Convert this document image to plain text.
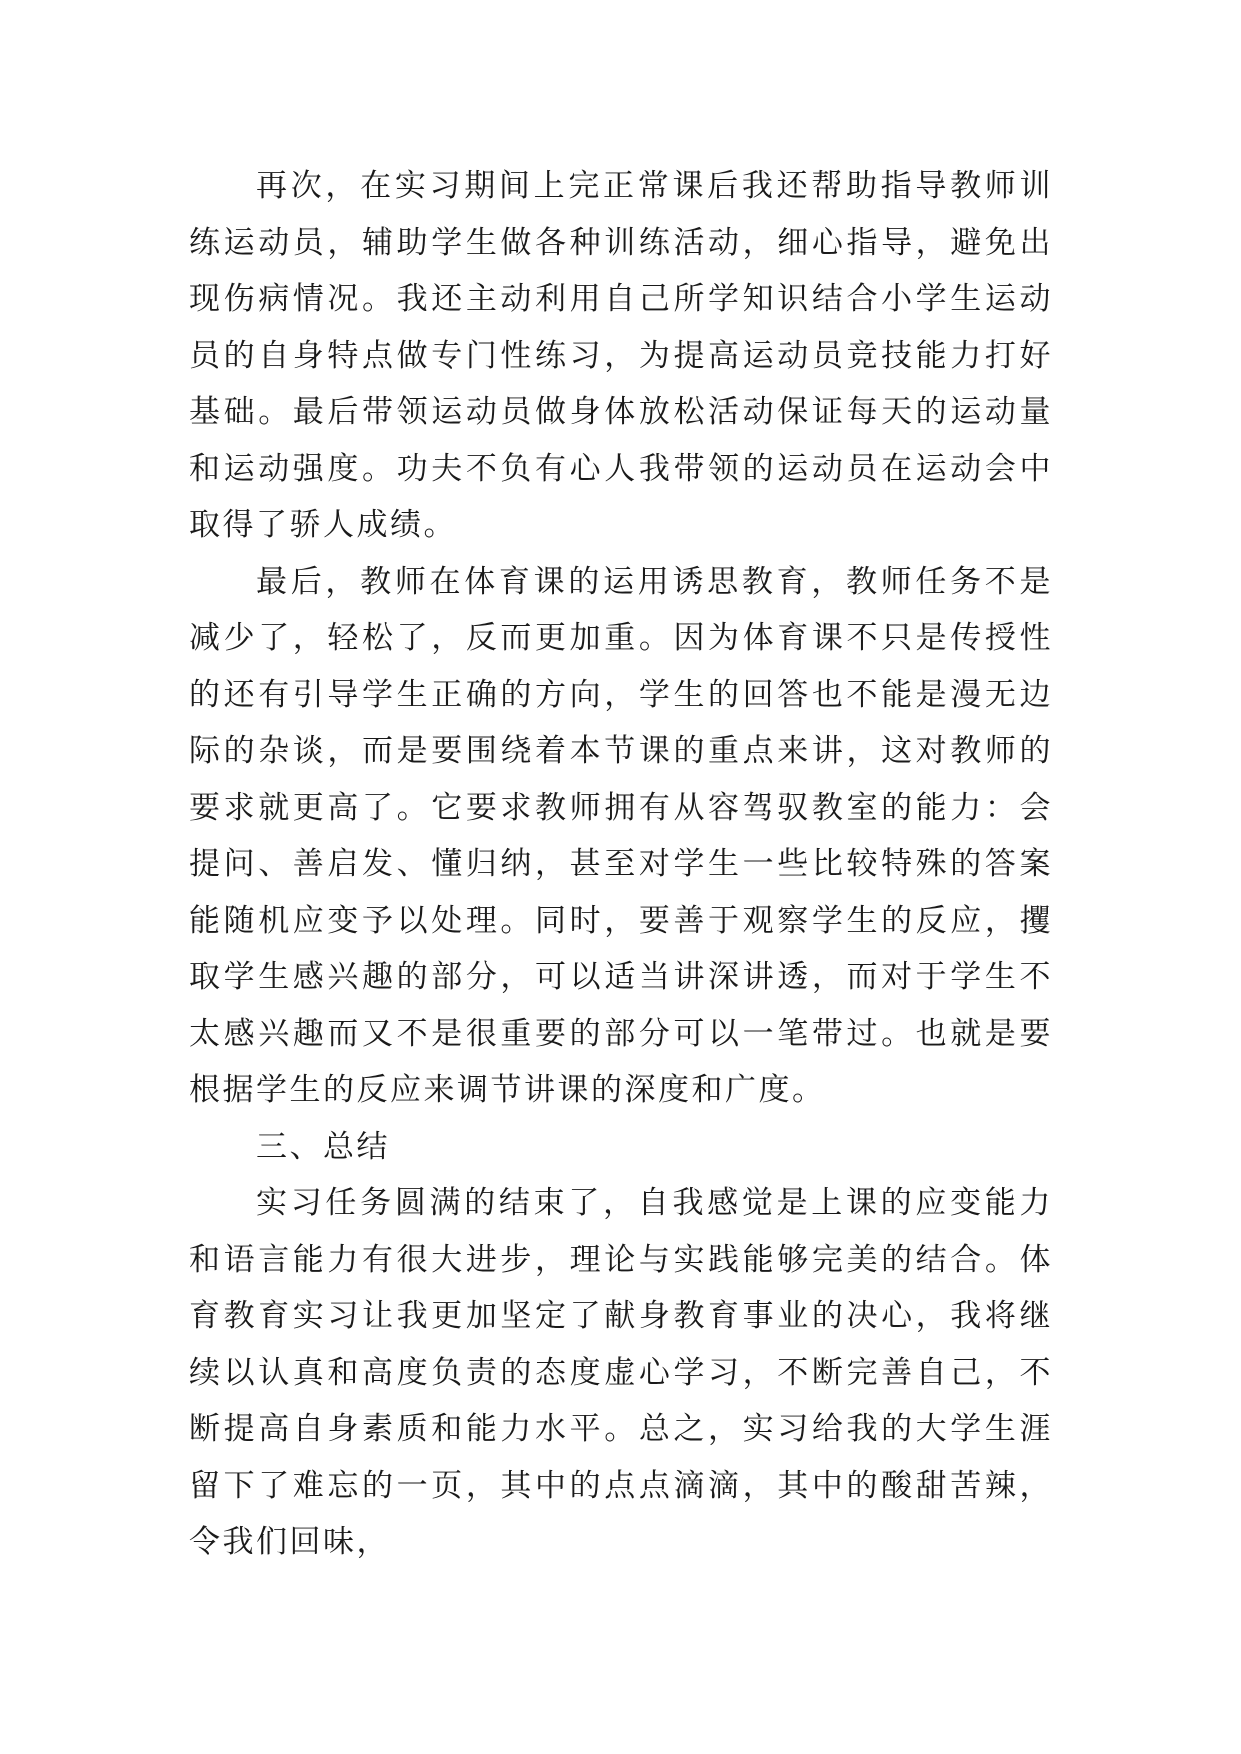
再次，在实习期间上完正常课后我还帮助指导教师训练运动员，辅助学生做各种训练活动，细心指导，避免出现伤病情况。我还主动利用自己所学知识结合小学生运动员的自身特点做专门性练习，为提高运动员竞技能力打好基础。最后带领运动员做身体放松活动保证每天的运动量和运动强度。功夫不负有心人我带领的运动员在运动会中取得了骄人成绩。

最后，教师在体育课的运用诱思教育，教师任务不是减少了，轻松了，反而更加重。因为体育课不只是传授性的还有引导学生正确的方向，学生的回答也不能是漫无边际的杂谈，而是要围绕着本节课的重点来讲，这对教师的要求就更高了。它要求教师拥有从容驾驭教室的能力：会提问、善启发、懂归纳，甚至对学生一些比较特殊的答案能随机应变予以处理。同时，要善于观察学生的反应，攫取学生感兴趣的部分，可以适当讲深讲透，而对于学生不太感兴趣而又不是很重要的部分可以一笔带过。也就是要根据学生的反应来调节讲课的深度和广度。

三、总结

实习任务圆满的结束了，自我感觉是上课的应变能力和语言能力有很大进步，理论与实践能够完美的结合。体育教育实习让我更加坚定了献身教育事业的决心，我将继续以认真和高度负责的态度虚心学习，不断完善自己，不断提高自身素质和能力水平。总之，实习给我的大学生涯留下了难忘的一页，其中的点点滴滴，其中的酸甜苦辣，令我们回味，
